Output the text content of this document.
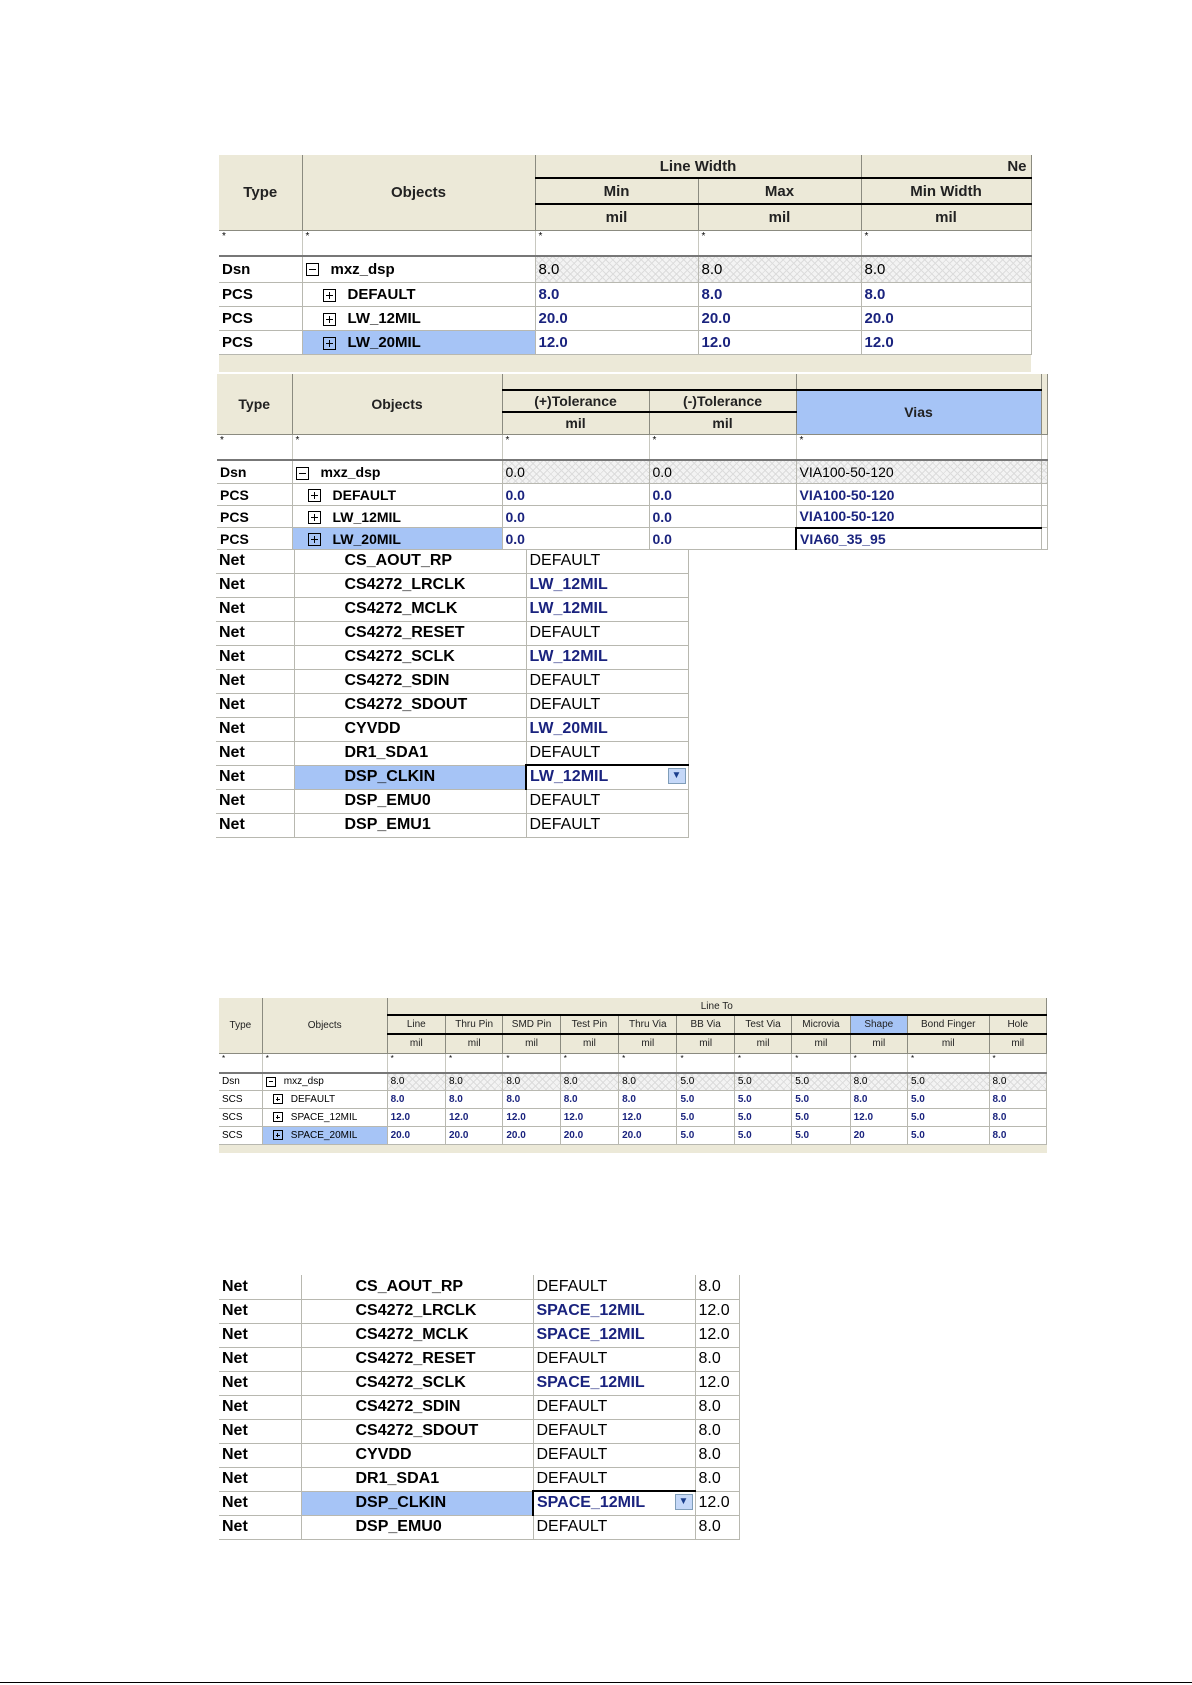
Type	Objects	Line Width		Ne
		Min	Max	Min Width
		mil	mil	mil
*	*	*	*	*
Dsn	mxz_dsp	8.0	8.0	8.0
PCS	DEFAULT	8.0	8.0	8.0
PCS	LW_12MIL	20.0	20.0	20.0
PCS	LW_20MIL	12.0	12.0	12.0

Type	Objects				
		(+)Tolerance	(-)Tolerance	Vias	
		mil	mil		
*	*	*	*	*	
Dsn	mxz_dsp	0.0	0.0	VIA100-50-120	
PCS	DEFAULT	0.0	0.0	VIA100-50-120	
PCS	LW_12MIL	0.0	0.0	VIA100-50-120	
PCS	LW_20MIL	0.0	0.0	VIA60_35_95	
Net	CS_AOUT_RP	DEFAULT
Net	CS4272_LRCLK	LW_12MIL
Net	CS4272_MCLK	LW_12MIL
Net	CS4272_RESET	DEFAULT
Net	CS4272_SCLK	LW_12MIL
Net	CS4272_SDIN	DEFAULT
Net	CS4272_SDOUT	DEFAULT
Net	CYVDD	LW_20MIL
Net	DR1_SDA1	DEFAULT
Net	DSP_CLKIN	LW_12MIL ▼

Net	DSP_EMU0	DEFAULT
Net	DSP_EMU1	DEFAULT
Type	Objects	Line To										
		Line	Thru Pin	SMD Pin	Test Pin	Thru Via	BB Via	Test Via	Microvia	Shape	Bond Finger	Hole
		mil	mil	mil	mil	mil	mil	mil	mil	mil	mil	mil
*	*	*	*	*	*	*	*	*	*	*	*	*
Dsn	mxz_dsp	8.0	8.0	8.0	8.0	8.0	5.0	5.0	5.0	8.0	5.0	8.0
SCS	DEFAULT	8.0	8.0	8.0	8.0	8.0	5.0	5.0	5.0	8.0	5.0	8.0
SCS	SPACE_12MIL	12.0	12.0	12.0	12.0	12.0	5.0	5.0	5.0	12.0	5.0	8.0
SCS	SPACE_20MIL	20.0	20.0	20.0	20.0	20.0	5.0	5.0	5.0	20	5.0	8.0

Net	CS_AOUT_RP	DEFAULT	8.0
Net	CS4272_LRCLK	SPACE_12MIL	12.0
Net	CS4272_MCLK	SPACE_12MIL	12.0
Net	CS4272_RESET	DEFAULT	8.0
Net	CS4272_SCLK	SPACE_12MIL	12.0
Net	CS4272_SDIN	DEFAULT	8.0
Net	CS4272_SDOUT	DEFAULT	8.0
Net	CYVDD	DEFAULT	8.0
Net	DR1_SDA1	DEFAULT	8.0
Net	DSP_CLKIN	SPACE_12MIL ▼	12.0
Net	DSP_EMU0	DEFAULT	8.0
